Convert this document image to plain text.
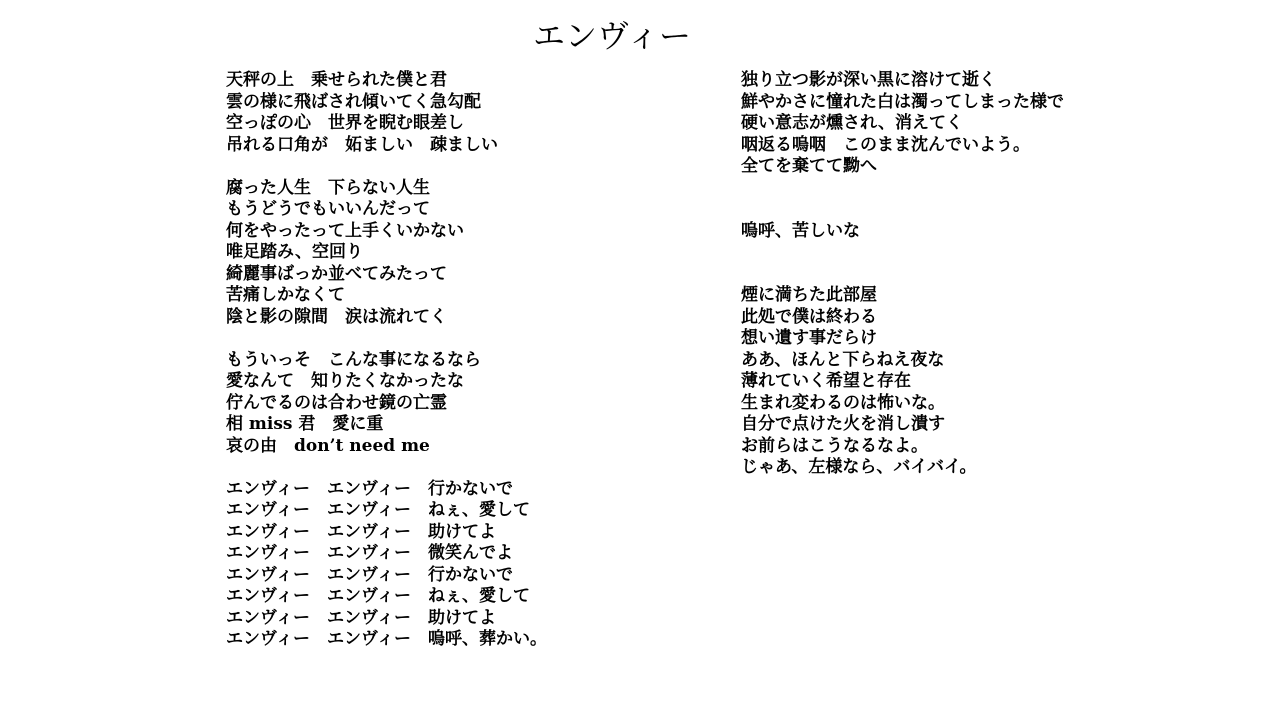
エンヴィー
天秤の上　乗せられた僕と君
雲の様に飛ばされ傾いてく急勾配
空っぽの心　世界を睨む眼差し
吊れる口角が　妬ましい　疎ましい
腐った人生　下らない人生
もうどうでもいいんだって
何をやったって上手くいかない
唯足踏み、空回り
綺麗事ばっか並べてみたって
苦痛しかなくて
陰と影の隙間　涙は流れてく
もういっそ　こんな事になるなら
愛なんて　知りたくなかったな
佇んでるのは合わせ鏡の亡霊
相 miss 君　愛に重
哀の由　don’t need me
エンヴィー　エンヴィー　行かないで
エンヴィー　エンヴィー　ねぇ、愛して
エンヴィー　エンヴィー　助けてよ
エンヴィー　エンヴィー　微笑んでよ
エンヴィー　エンヴィー　行かないで
エンヴィー　エンヴィー　ねぇ、愛して
エンヴィー　エンヴィー　助けてよ
エンヴィー　エンヴィー　嗚呼、葬かい。
独り立つ影が深い黒に溶けて逝く
鮮やかさに憧れた白は濁ってしまった様で
硬い意志が燻され、消えてく
咽返る嗚咽　このまま沈んでいよう。
全てを棄てて黝へ
嗚呼、苦しいな
煙に満ちた此部屋
此処で僕は終わる
想い遺す事だらけ
ああ、ほんと下らねえ夜な
薄れていく希望と存在
生まれ変わるのは怖いな。
自分で点けた火を消し潰す
お前らはこうなるなよ。
じゃあ、左様なら、バイバイ。
